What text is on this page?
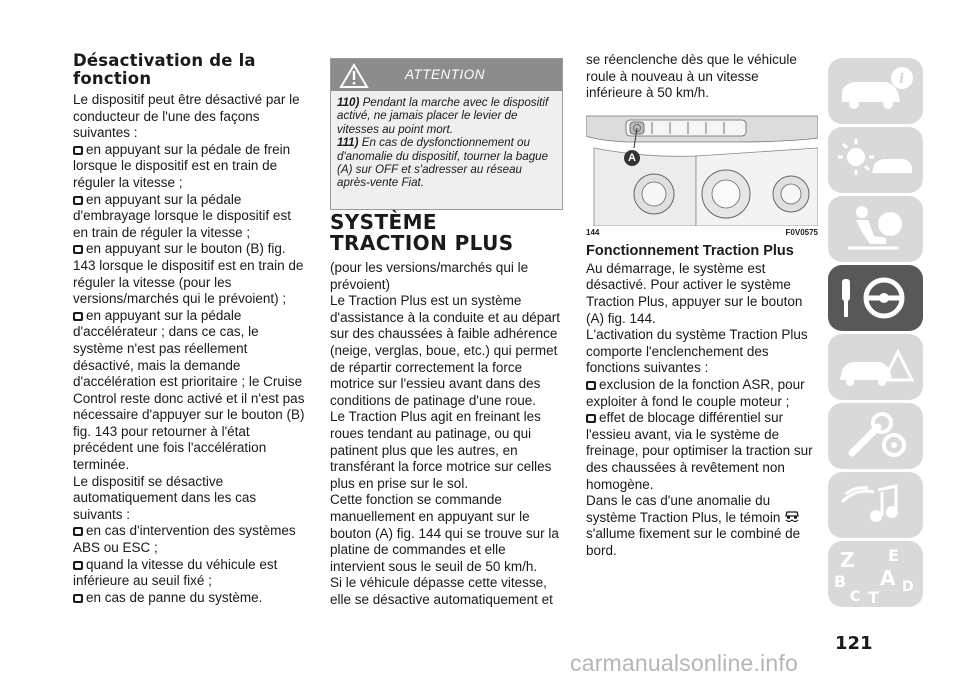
Désactivation de la fonction

Le dispositif peut être désactivé par le conducteur de l'une des façons suivantes :

en appuyant sur la pédale de frein lorsque le dispositif est en train de réguler la vitesse ;

en appuyant sur la pédale d'embrayage lorsque le dispositif est en train de réguler la vitesse ;

en appuyant sur le bouton (B) fig. 143 lorsque le dispositif est en train de réguler la vitesse (pour les versions/marchés qui le prévoient) ;

en appuyant sur la pédale d'accélérateur ; dans ce cas, le système n'est pas réellement désactivé, mais la demande d'accélération est prioritaire ; le Cruise Control reste donc activé et il n'est pas nécessaire d'appuyer sur le bouton (B) fig. 143 pour retourner à l'état précédent une fois l'accélération terminée.

Le dispositif se désactive automatiquement dans les cas suivants :

en cas d'intervention des systèmes ABS ou ESC ;

quand la vitesse du véhicule est inférieure au seuil fixé ;

en cas de panne du système.

ATTENTION
110) Pendant la marche avec le dispositif activé, ne jamais placer le levier de vitesses au point mort.
111) En cas de dysfonctionnement ou d'anomalie du dispositif, tourner la bague (A) sur OFF et s'adresser au réseau après-vente Fiat.
SYSTÈME TRACTION PLUS

(pour les versions/marchés qui le prévoient)

Le Traction Plus est un système d'assistance à la conduite et au départ sur des chaussées à faible adhérence (neige, verglas, boue, etc.) qui permet de répartir correctement la force motrice sur l'essieu avant dans des conditions de patinage d'une roue.

Le Traction Plus agit en freinant les roues tendant au patinage, ou qui patinent plus que les autres, en transférant la force motrice sur celles plus en prise sur le sol.

Cette fonction se commande manuellement en appuyant sur le bouton (A) fig. 144 qui se trouve sur la platine de commandes et elle intervient sous le seuil de 50 km/h.

Si le véhicule dépasse cette vitesse, elle se désactive automatiquement et

se réenclenche dès que le véhicule roule à nouveau à un vitesse inférieure à 50 km/h.

A
144	F0V0575
Fonctionnement Traction Plus

Au démarrage, le système est désactivé. Pour activer le système Traction Plus, appuyer sur le bouton (A) fig. 144.

L'activation du système Traction Plus comporte l'enclenchement des fonctions suivantes :

exclusion de la fonction ASR, pour exploiter à fond le couple moteur ;

effet de blocage différentiel sur l'essieu avant, via le système de freinage, pour optimiser la traction sur des chaussées à revêtement non homogène.

Dans le cas d'une anomalie du système Traction Plus, le témoin  s'allume fixement sur le combiné de bord.

i
Z E
B A
C T
D
121
carmanualsonline.info
